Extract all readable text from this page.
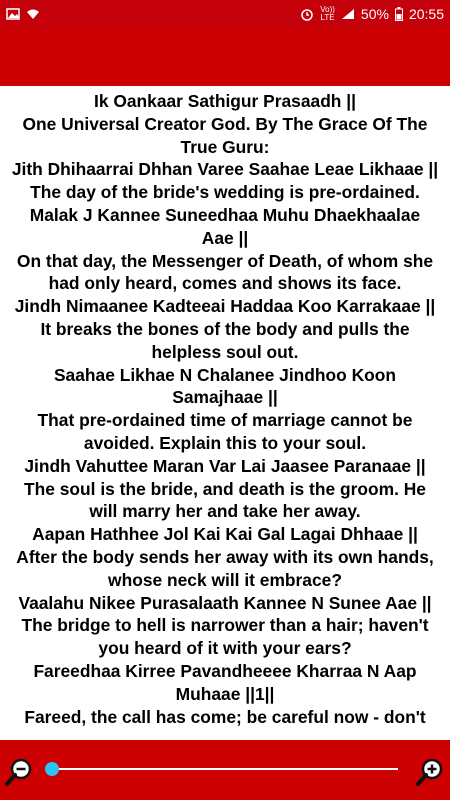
Vo))
LTE 50% 20:55
Ik Oankaar Sathigur Prasaadh ||
One Universal Creator God. By The Grace Of The
True Guru:
Jith Dhihaarrai Dhhan Varee Saahae Leae Likhaae ||
The day of the bride's wedding is pre-ordained.
Malak J Kannee Suneedhaa Muhu Dhaekhaalae
Aae ||
On that day, the Messenger of Death, of whom she
had only heard, comes and shows its face.
Jindh Nimaanee Kadteeai Haddaa Koo Karrakaae ||
It breaks the bones of the body and pulls the
helpless soul out.
Saahae Likhae N Chalanee Jindhoo Koon
Samajhaae ||
That pre-ordained time of marriage cannot be
avoided. Explain this to your soul.
Jindh Vahuttee Maran Var Lai Jaasee Paranaae ||
The soul is the bride, and death is the groom. He
will marry her and take her away.
Aapan Hathhee Jol Kai Kai Gal Lagai Dhhaae ||
After the body sends her away with its own hands,
whose neck will it embrace?
Vaalahu Nikee Purasalaath Kannee N Sunee Aae ||
The bridge to hell is narrower than a hair; haven't
you heard of it with your ears?
Fareedhaa Kirree Pavandheeee Kharraa N Aap
Muhaae ||1||
Fareed, the call has come; be careful now - don't
